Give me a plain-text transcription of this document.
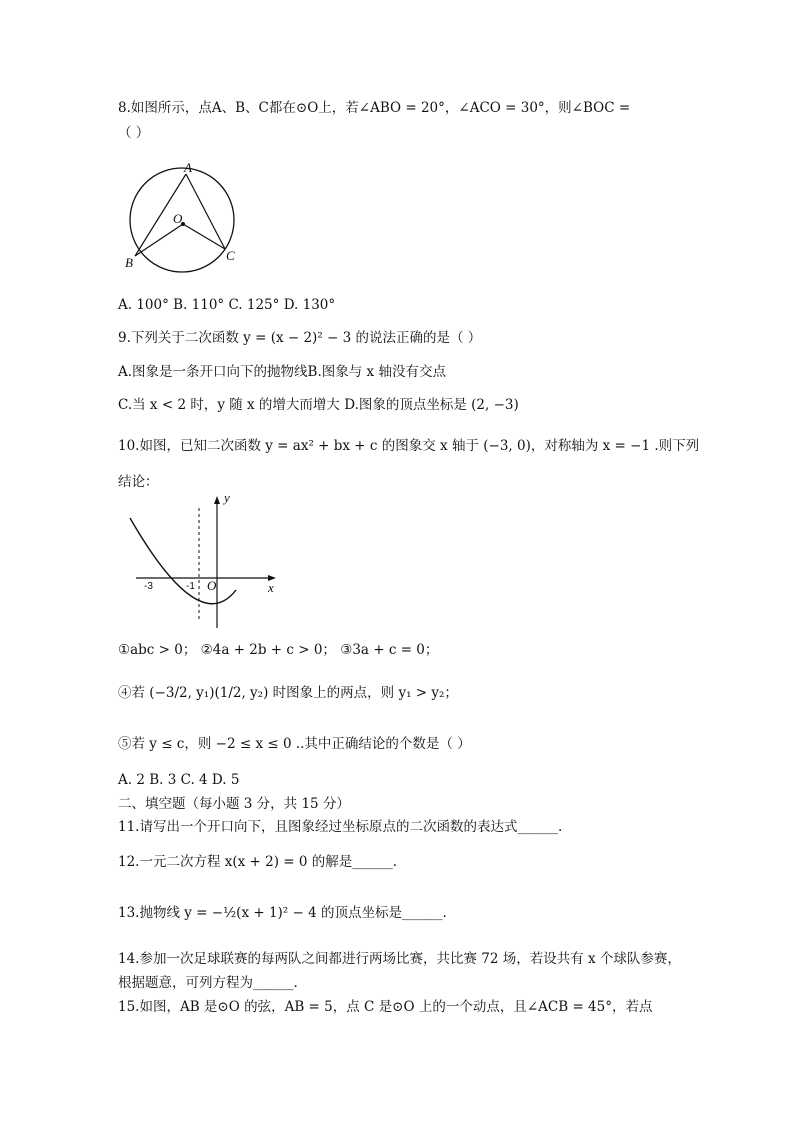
8.如图所示，点A、B、C都在⊙O上，若∠ABO = 20°，∠ACO = 30°，则∠BOC =
（ ）
A
O
B	C
A. 100° B. 110° C. 125° D. 130°
9.下列关于二次函数 y = (x − 2)² − 3 的说法正确的是（ ）
A.图象是一条开口向下的抛物线B.图象与 x 轴没有交点
C.当 x < 2 时，y 随 x 的增大而增大 D.图象的顶点坐标是 (2, −3)
10.如图，已知二次函数 y = ax² + bx + c 的图象交 x 轴于 (−3, 0)，对称轴为 x = −1 .则下列
结论：
y
x
O
-3	-1
①abc > 0； ②4a + 2b + c > 0； ③3a + c = 0；
④若 (−3/2, y₁)(1/2, y₂) 时图象上的两点，则 y₁ > y₂；
⑤若 y ≤ c，则 −2 ≤ x ≤ 0 ..其中正确结论的个数是（ ）
A. 2 B. 3 C. 4 D. 5
二、填空题（每小题 3 分，共 15 分）
11.请写出一个开口向下，且图象经过坐标原点的二次函数的表达式______.
12.一元二次方程 x(x + 2) = 0 的解是______.
13.抛物线 y = −½(x + 1)² − 4 的顶点坐标是______.
14.参加一次足球联赛的每两队之间都进行两场比赛，共比赛 72 场，若设共有 x 个球队参赛，
根据题意，可列方程为______.
15.如图，AB 是⊙O 的弦，AB = 5，点 C 是⊙O 上的一个动点，且∠ACB = 45°，若点
